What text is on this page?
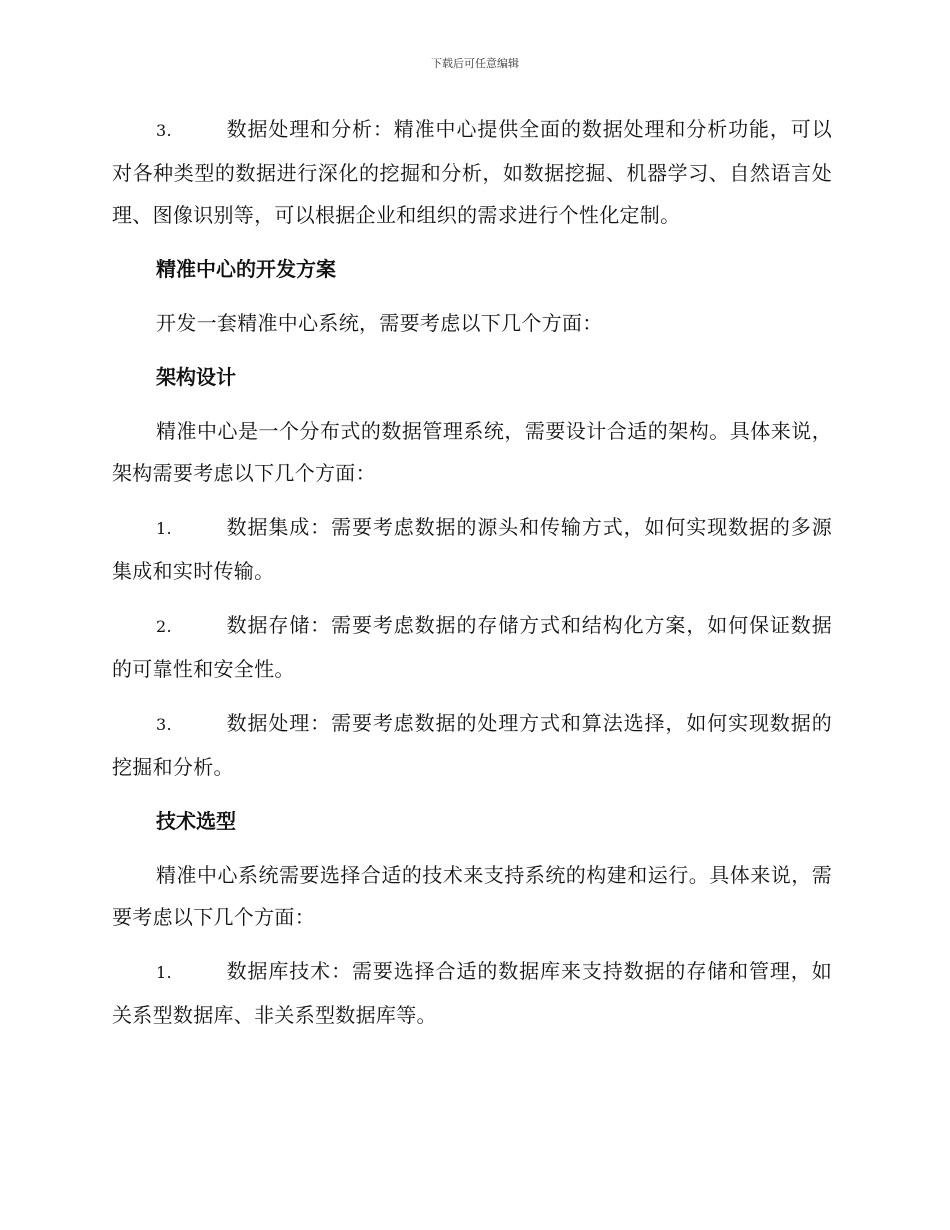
下载后可任意编辑

3.	数据处理和分析：精准中心提供全面的数据处理和分析功能，可以对各种类型的数据进行深化的挖掘和分析，如数据挖掘、机器学习、自然语言处理、图像识别等，可以根据企业和组织的需求进行个性化定制。

精准中心的开发方案

开发一套精准中心系统，需要考虑以下几个方面：

架构设计

精准中心是一个分布式的数据管理系统，需要设计合适的架构。具体来说，架构需要考虑以下几个方面：

1.	数据集成：需要考虑数据的源头和传输方式，如何实现数据的多源集成和实时传输。

2.	数据存储：需要考虑数据的存储方式和结构化方案，如何保证数据的可靠性和安全性。

3.	数据处理：需要考虑数据的处理方式和算法选择，如何实现数据的挖掘和分析。

技术选型

精准中心系统需要选择合适的技术来支持系统的构建和运行。具体来说，需要考虑以下几个方面：

1.	数据库技术：需要选择合适的数据库来支持数据的存储和管理，如关系型数据库、非关系型数据库等。
